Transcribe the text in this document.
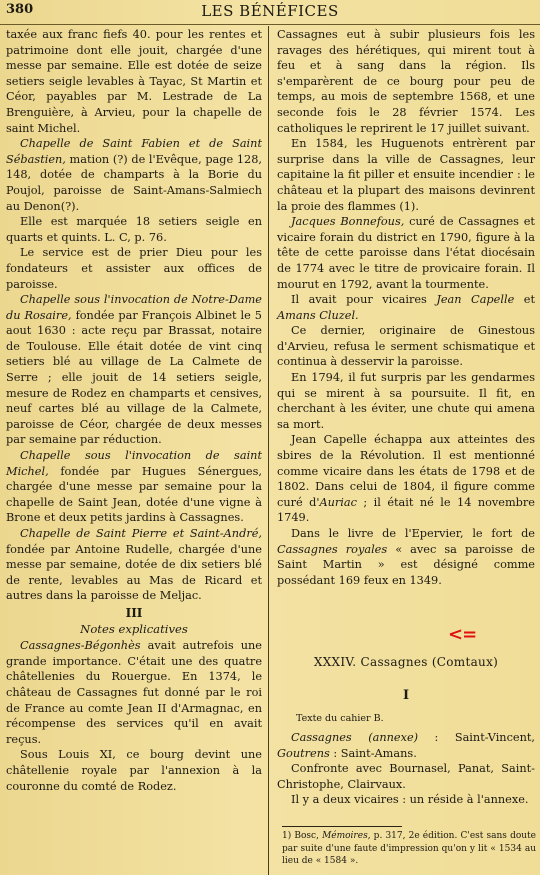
380	LES BÉNÉFICES

taxée aux franc fiefs 40. pour les rentes et patrimoine dont elle jouit, chargée d'une messe par semaine. Elle est dotée de seize setiers seigle levables à Tayac, St Martin et Céor, payables par M. Lestrade de La Brenguière, à Arvieu, pour la chapelle de saint Michel.

Chapelle de Saint Fabien et de Saint Sébastien, mation (?) de l'Evêque, page 128, 148, dotée de champarts à la Borie du Poujol, paroisse de Saint-Amans-Salmiech au Denon(?).

Elle est marquée 18 setiers seigle en quarts et quints. L. C, p. 76.

Le service est de prier Dieu pour les fondateurs et assister aux offices de paroisse.

Chapelle sous l'invocation de Notre-Dame du Rosaire, fondée par François Albinet le 5 aout 1630 : acte reçu par Brassat, notaire de Toulouse. Elle était dotée de vint cinq setiers blé au village de La Calmete de Serre ; elle jouit de 14 setiers seigle, mesure de Rodez en champarts et censives, neuf cartes blé au village de la Calmete, paroisse de Céor, chargée de deux messes par semaine par réduction.

Chapelle sous l'invocation de saint Michel, fondée par Hugues Sénergues, chargée d'une messe par semaine pour la chapelle de Saint Jean, dotée d'une vigne à Brone et deux petits jardins à Cassagnes.

Chapelle de Saint Pierre et Saint-André, fondée par Antoine Rudelle, chargée d'une messe par semaine, dotée de dix setiers blé de rente, levables au Mas de Ricard et autres dans la paroisse de Meljac.

III
Notes explicatives

Cassagnes-Bégonhès avait autrefois une grande importance. C'était une des quatre châtellenies du Rouergue. En 1374, le château de Cassagnes fut donné par le roi de France au comte Jean II d'Armagnac, en récompense des services qu'il en avait reçus.

Sous Louis XI, ce bourg devint une châtellenie royale par l'annexion à la couronne du comté de Rodez.

Cassagnes eut à subir plusieurs fois les ravages des hérétiques, qui mirent tout à feu et à sang dans la région. Ils s'emparèrent de ce bourg pour peu de temps, au mois de septembre 1568, et une seconde fois le 28 février 1574. Les catholiques le reprirent le 17 juillet suivant.

En 1584, les Huguenots entrèrent par surprise dans la ville de Cassagnes, leur capitaine la fit piller et ensuite incendier : le château et la plupart des maisons devinrent la proie des flammes (1).

Jacques Bonnefous, curé de Cassagnes et vicaire forain du district en 1790, figure à la tête de cette paroisse dans l'état diocésain de 1774 avec le titre de provicaire forain. Il mourut en 1792, avant la tourmente.

Il avait pour vicaires Jean Capelle et Amans Cluzel.

Ce dernier, originaire de Ginestous d'Arvieu, refusa le serment schismatique et continua à desservir la paroisse.

En 1794, il fut surpris par les gendarmes qui se mirent à sa poursuite. Il fit, en cherchant à les éviter, une chute qui amena sa mort.

Jean Capelle échappa aux atteintes des sbires de la Révolution. Il est mentionné comme vicaire dans les états de 1798 et de 1802. Dans celui de 1804, il figure comme curé d'Auriac ; il était né le 14 novembre 1749.

Dans le livre de l'Epervier, le fort de Cassagnes royales « avec sa paroisse de Saint Martin » est désigné comme possédant 169 feux en 1349.

<=
XXXIV. Cassagnes (Comtaux)
I
Texte du cahier B.

Cassagnes (annexe) : Saint-Vincent, Goutrens : Saint-Amans.

Confronte avec Bournasel, Panat, Saint-Christophe, Clairvaux.

Il y a deux vicaires : un réside à l'annexe.

1) Bosc, Mémoires, p. 317, 2e édition. C'est sans doute par suite d'une faute d'impression qu'on y lit « 1534 au lieu de « 1584 ».
